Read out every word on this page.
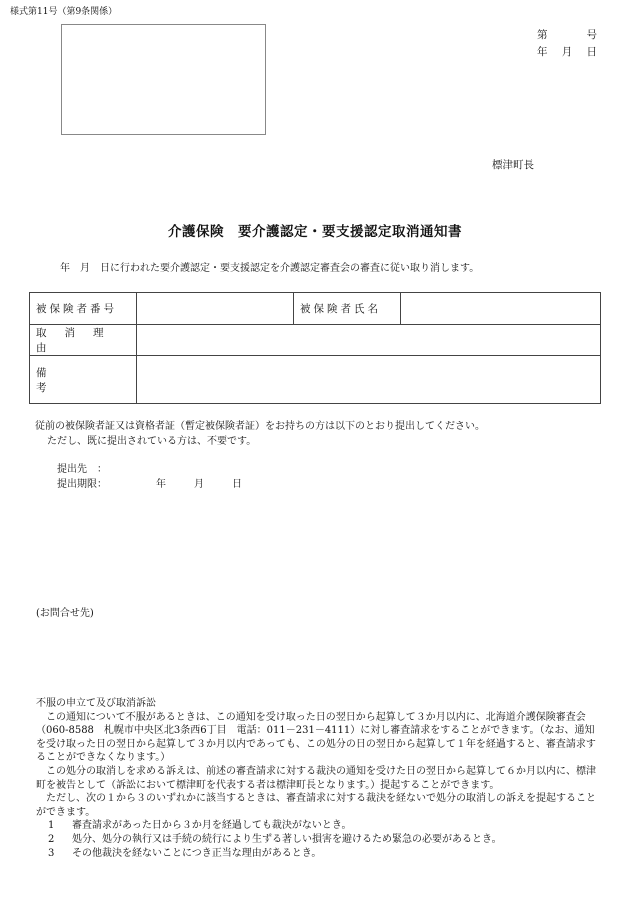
様式第11号（第9条関係）
第	号
年 月 日
標津町長
介護保険　要介護認定・要支援認定取消通知書
年　月　日に行われた要介護認定・要支援認定を介護認定審査会の審査に従い取り消します。
被保険者番号		被保険者氏名	
取消理由			
備考			
従前の被保険者証又は資格者証（暫定被保険者証）をお持ちの方は以下のとおり提出してください。
ただし、既に提出されている方は、不要です。
提出先　：
提出期限：	年	月	日
(お問合せ先)

不服の申立て及び取消訴訟

この通知について不服があるときは、この通知を受け取った日の翌日から起算して３か月以内に、北海道介護保険審査会（060-8588　札幌市中央区北3条西6丁目　電話：011－231－4111）に対し審査請求をすることができます。（なお、通知を受け取った日の翌日から起算して３か月以内であっても、この処分の日の翌日から起算して１年を経過すると、審査請求することができなくなります。）

この処分の取消しを求める訴えは、前述の審査請求に対する裁決の通知を受けた日の翌日から起算して６か月以内に、標津町を被告として（訴訟において標津町を代表する者は標津町長となります。）提起することができます。

ただし、次の１から３のいずれかに該当するときは、審査請求に対する裁決を経ないで処分の取消しの訴えを提起することができます。

1	審査請求があった日から３か月を経過しても裁決がないとき。
2	処分、処分の執行又は手続の続行により生ずる著しい損害を避けるため緊急の必要があるとき。
3	その他裁決を経ないことにつき正当な理由があるとき。
